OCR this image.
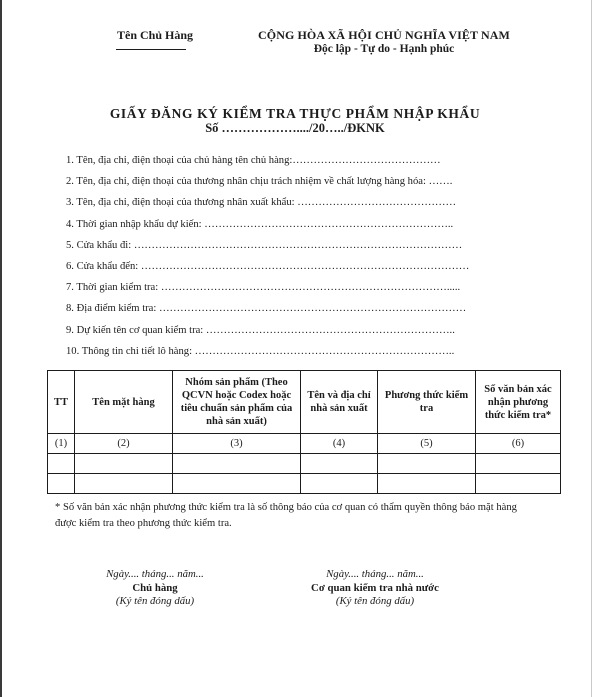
Tên Chủ Hàng	CỘNG HÒA XÃ HỘI CHỦ NGHĨA VIỆT NAM
Độc lập - Tự do - Hạnh phúc
GIẤY ĐĂNG KÝ KIỂM TRA THỰC PHẨM NHẬP KHẨU
Số ………………..../20…../ĐKNK
1. Tên, địa chỉ, điện thoại của chủ hàng tên chủ hàng:……………………………………
2. Tên, địa chỉ, điện thoại của thương nhân chịu trách nhiệm về chất lượng hàng hóa: …….
3. Tên, địa chỉ, điện thoại của thương nhân xuất khẩu: ………………………………………
4. Thời gian nhập khẩu dự kiến: ……………………………………………………………..
5. Cửa khẩu đi: …………………………………………………………………………………
6. Cửa khẩu đến: …………………………………………………………………………………
7. Thời gian kiểm tra: ……………………………………………………………………….....
8. Địa điểm kiểm tra: ……………………………………………………………………………
9. Dự kiến tên cơ quan kiểm tra: ……………………………………………………………..
10. Thông tin chi tiết lô hàng: ………………………………………………………………..
TT	Tên mặt hàng	Nhóm sản phẩm (Theo QCVN hoặc Codex hoặc tiêu chuẩn sản phẩm của nhà sản xuất)	Tên và địa chỉ nhà sản xuất	Phương thức kiểm tra	Số văn bản xác nhận phương thức kiểm tra*
(1)	(2)	(3)	(4)	(5)	(6)

* Số văn bản xác nhận phương thức kiểm tra là số thông báo của cơ quan có thẩm quyền thông báo mặt hàng được kiểm tra theo phương thức kiểm tra.
Ngày.... tháng... năm...
Chủ hàng
(Ký tên đóng dấu)
Ngày.... tháng... năm...
Cơ quan kiểm tra nhà nước
(Ký tên đóng dấu)
